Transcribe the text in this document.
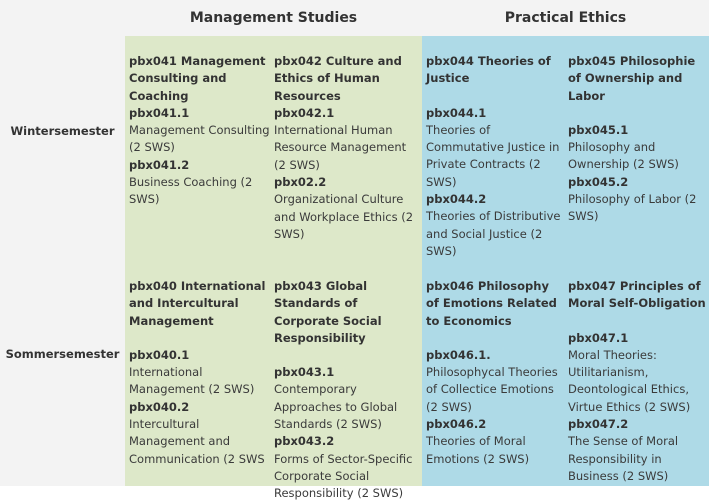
Management Studies	Practical Ethics
Wintersemester
Sommersemester
pbx041 Management Consulting and Coaching
pbx041.1
Management Consulting (2 SWS)
pbx041.2
Business Coaching (2 SWS)
pbx042 Culture and Ethics of Human Resources
pbx042.1
International Human Resource Management (2 SWS)
pbx02.2
Organizational Culture and Workplace Ethics (2 SWS)
pbx044 Theories of Justice
pbx044.1
Theories of Commutative Justice in Private Contracts (2 SWS)
pbx044.2
Theories of Distributive and Social Justice (2 SWS)
pbx045 Philosophie of Ownership and Labor
pbx045.1
Philosophy and Ownership (2 SWS)
pbx045.2
Philosophy of Labor (2 SWS)
pbx040 International and Intercultural Management
pbx040.1
International Management (2 SWS)
pbx040.2
Intercultural Management and Communication (2 SWS
pbx043 Global Standards of Corporate Social Responsibility
pbx043.1
Contemporary Approaches to Global Standards (2 SWS)
pbx043.2
Forms of Sector-Specific Corporate Social Responsibility (2 SWS)
pbx046 Philosophy of Emotions Related to Economics
pbx046.1.
Philosophycal Theories of Collectice Emotions (2 SWS)
pbx046.2
Theories of Moral Emotions (2 SWS)
pbx047 Principles of Moral Self-Obligation
pbx047.1
Moral Theories: Utilitarianism, Deontological Ethics, Virtue Ethics (2 SWS)
pbx047.2
The Sense of Moral Responsibility in Business (2 SWS)
